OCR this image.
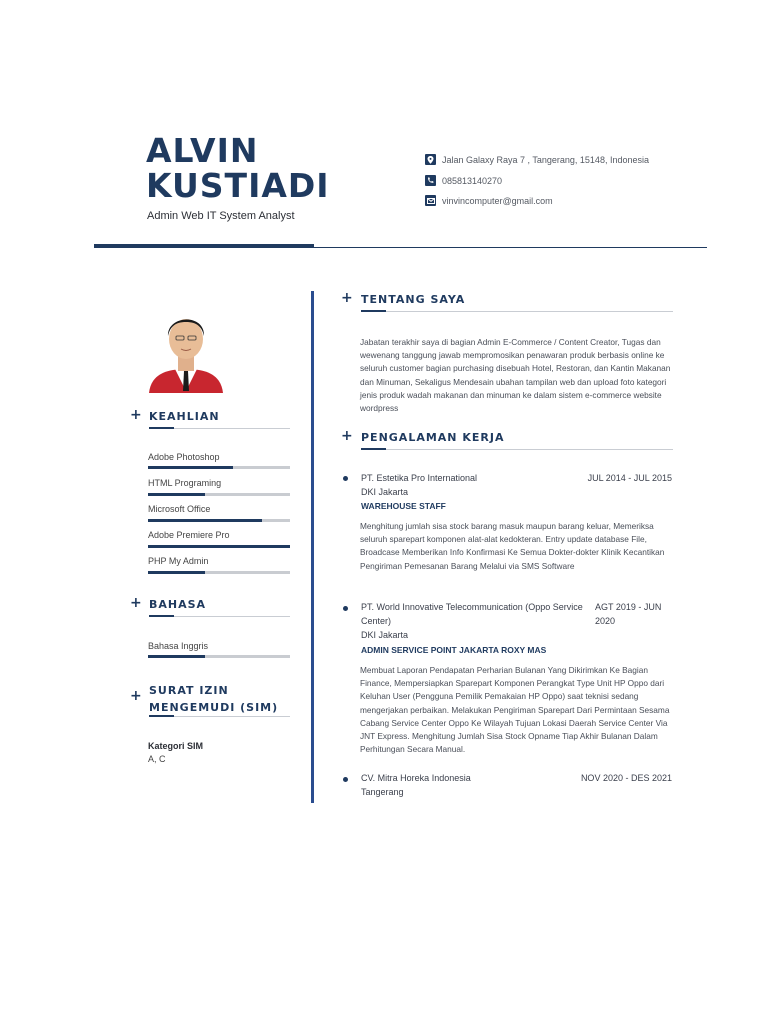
ALVIN
KUSTIADI
Admin Web IT System Analyst
Jalan Galaxy Raya 7 , Tangerang, 15148, Indonesia
085813140270
vinvincomputer@gmail.com
+ KEAHLIAN
Adobe Photoshop
HTML Programing
Microsoft Office
Adobe Premiere Pro
PHP My Admin
+ BAHASA
Bahasa Inggris
+ SURAT IZIN
MENGEMUDI (SIM)
Kategori SIM
A, C
+ TENTANG SAYA
Jabatan terakhir saya di bagian Admin E-Commerce / Content Creator, Tugas dan wewenang tanggung jawab mempromosikan penawaran produk berbasis online ke seluruh customer bagian purchasing disebuah Hotel, Restoran, dan Kantin Makanan dan Minuman, Sekaligus Mendesain ubahan tampilan web dan upload foto kategori jenis produk wadah makanan dan minuman ke dalam sistem e-commerce website wordpress
+ PENGALAMAN KERJA
PT. Estetika Pro International	JUL 2014 - JUL 2015
DKI Jakarta
WAREHOUSE STAFF
Menghitung jumlah sisa stock barang masuk maupun barang keluar, Memeriksa seluruh sparepart komponen alat-alat kedokteran. Entry update database File, Broadcase Memberikan Info Konfirmasi Ke Semua Dokter-dokter Klinik Kecantikan Pengiriman Pemesanan Barang Melalui via SMS Software
PT. World Innovative Telecommunication (Oppo Service Center)
AGT 2019 - JUN 2020
DKI Jakarta
ADMIN SERVICE POINT JAKARTA ROXY MAS
Membuat Laporan Pendapatan Perharian Bulanan Yang Dikirimkan Ke Bagian Finance, Mempersiapkan Sparepart Komponen Perangkat Type Unit HP Oppo dari Keluhan User (Pengguna Pemilik Pemakaian HP Oppo) saat teknisi sedang mengerjakan perbaikan. Melakukan Pengiriman Sparepart Dari Permintaan Sesama Cabang Service Center Oppo Ke Wilayah Tujuan Lokasi Daerah Service Center Via JNT Express. Menghitung Jumlah Sisa Stock Opname Tiap Akhir Bulanan Dalam Perhitungan Secara Manual.
CV. Mitra Horeka Indonesia	NOV 2020 - DES 2021
Tangerang
